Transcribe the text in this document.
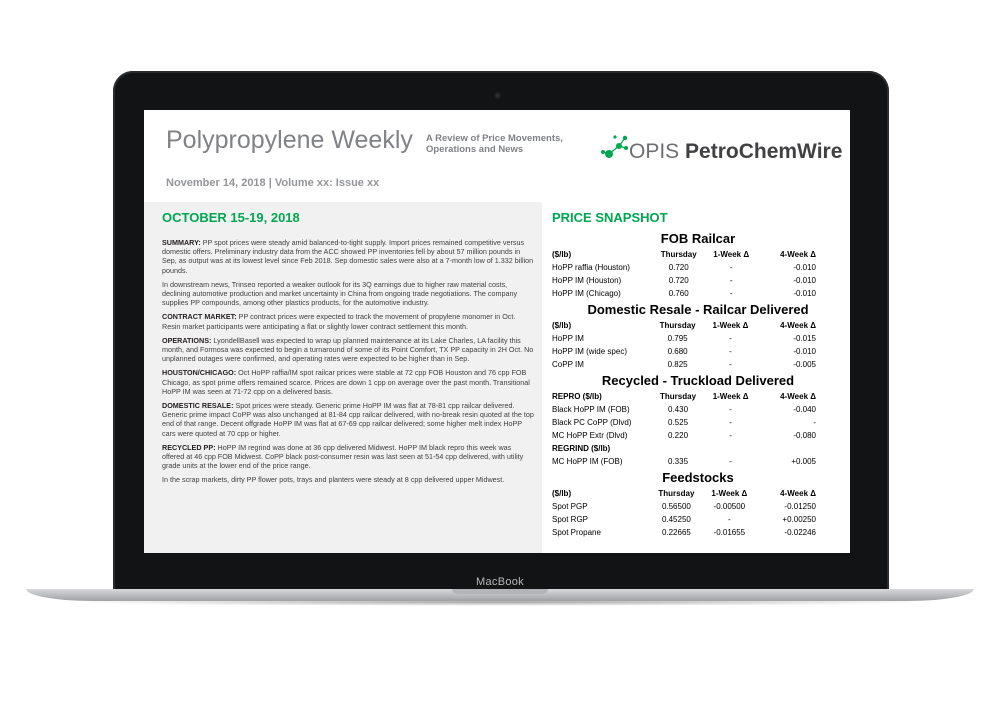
Polypropylene Weekly A Review of Price Movements, Operations and News	OPIS PetroChemWire
November 14, 2018 | Volume xx: Issue xx
OCTOBER 15-19, 2018

SUMMARY: PP spot prices were steady amid balanced-to-tight supply. Import prices remained competitive versus domestic offers. Preliminary industry data from the ACC showed PP inventories fell by about 57 million pounds in Sep, as output was at its lowest level since Feb 2018. Sep domestic sales were also at a 7-month low of 1.332 billion pounds.

In downstream news, Trinseo reported a weaker outlook for its 3Q earnings due to higher raw material costs, declining automotive production and market uncertainty in China from ongoing trade negotiations. The company supplies PP compounds, among other plastics products, for the automotive industry.

CONTRACT MARKET: PP contract prices were expected to track the movement of propylene monomer in Oct. Resin market participants were anticipating a flat or slightly lower contract settlement this month.

OPERATIONS: LyondellBasell was expected to wrap up planned maintenance at its Lake Charles, LA facility this month, and Formosa was expected to begin a turnaround of some of its Point Comfort, TX PP capacity in 2H Oct. No unplanned outages were confirmed, and operating rates were expected to be higher than in Sep.

HOUSTON/CHICAGO: Oct HoPP raffia/IM spot railcar prices were stable at 72 cpp FOB Houston and 76 cpp FOB Chicago, as spot prime offers remained scarce. Prices are down 1 cpp on average over the past month. Transitional HoPP IM was seen at 71-72 cpp on a delivered basis.

DOMESTIC RESALE: Spot prices were steady. Generic prime HoPP IM was flat at 78-81 cpp railcar delivered. Generic prime impact CoPP was also unchanged at 81-84 cpp railcar delivered, with no-break resin quoted at the top end of that range. Decent offgrade HoPP IM was flat at 67-69 cpp railcar delivered; some higher melt index HoPP cars were quoted at 70 cpp or higher.

RECYCLED PP: HoPP IM regrind was done at 36 cpp delivered Midwest. HoPP IM black repro this week was offered at 46 cpp FOB Midwest. CoPP black post-consumer resin was last seen at 51-54 cpp delivered, with utility grade units at the lower end of the price range.

In the scrap markets, dirty PP flower pots, trays and planters were steady at 8 cpp delivered upper Midwest.

PRICE SNAPSHOT
FOB Railcar
($/lb)	Thursday	1-Week Δ	4-Week Δ
HoPP raffia (Houston)	0.720	-	-0.010
HoPP IM (Houston)	0.720	-	-0.010
HoPP IM (Chicago)	0.760	-	-0.010
Domestic Resale - Railcar Delivered
($/lb)	Thursday	1-Week Δ	4-Week Δ
HoPP IM	0.795	-	-0.015
HoPP IM (wide spec)	0.680	-	-0.010
CoPP IM	0.825	-	-0.005
Recycled - Truckload Delivered
REPRO ($/lb)	Thursday	1-Week Δ	4-Week Δ
Black HoPP IM (FOB)	0.430	-	-0.040
Black PC CoPP (Dlvd)	0.525	-	-
MC HoPP Extr (Dlvd)	0.220	-	-0.080
REGRIND ($/lb)			
MC HoPP IM (FOB)	0.335	-	+0.005
Feedstocks
($/lb)	Thursday	1-Week Δ	4-Week Δ
Spot PGP	0.56500	-0.00500	-0.01250
Spot RGP	0.45250	-	+0.00250
Spot Propane	0.22665	-0.01655	-0.02246
MacBook
